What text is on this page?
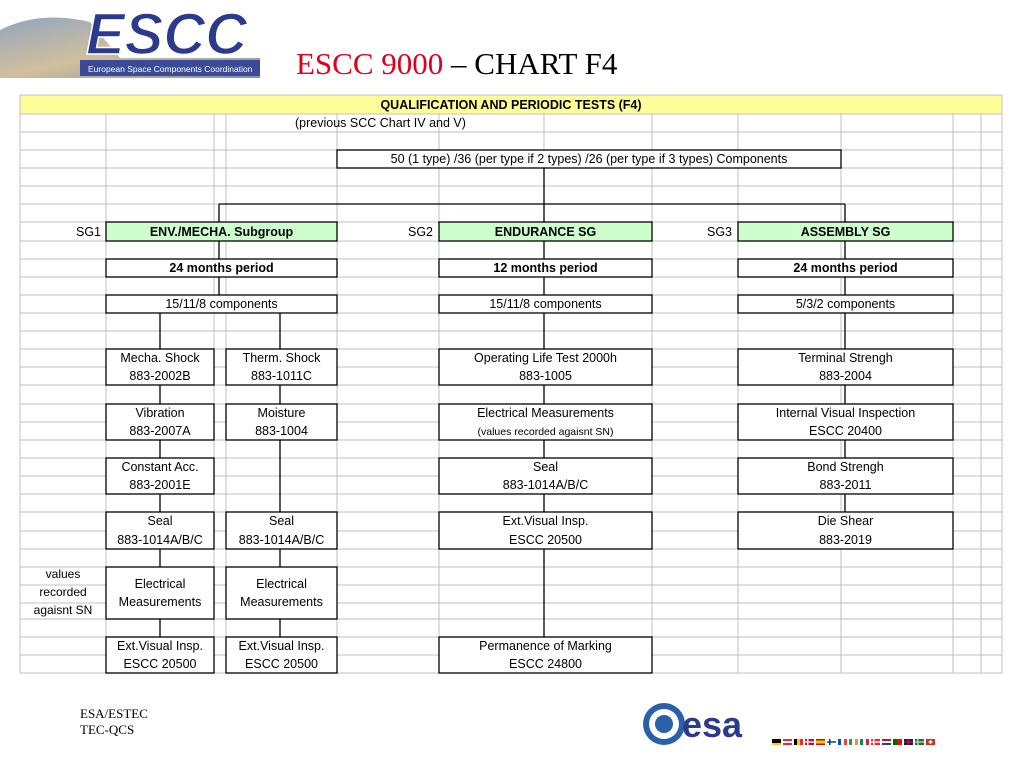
ESCC
European Space Components Coordination ESCC 9000 – CHART F4
QUALIFICATION AND PERIODIC TESTS (F4)
(previous SCC Chart IV and V)
50 (1 type) /36 (per type if 2 types) /26 (per type if 3 types) Components
SG1	SG2	SG3
ENV./MECHA. Subgroup	ENDURANCE SG	ASSEMBLY SG
24 months period	12 months period	24 months period
15/11/8 components	15/11/8 components	5/3/2 components
Mecha. Shock
883-2002B
Vibration
883-2007A
Constant Acc.
883-2001E
Seal
883-1014A/B/C
Electrical
Measurements
Ext.Visual Insp.
ESCC 20500
Therm. Shock
883-1011C
Moisture
883-1004
Seal
883-1014A/B/C
Electrical
Measurements
Ext.Visual Insp.
ESCC 20500
Operating Life Test 2000h
883-1005
Electrical Measurements
(values recorded agaisnt SN)
Seal
883-1014A/B/C
Ext.Visual Insp.
ESCC 20500
Permanence of Marking
ESCC 24800
Terminal Strengh
883-2004
Internal Visual Inspection
ESCC 20400
Bond Strengh
883-2011
Die Shear
883-2019
values
recorded
agaisnt SN
ESA/ESTEC
TEC-QCS	esa
